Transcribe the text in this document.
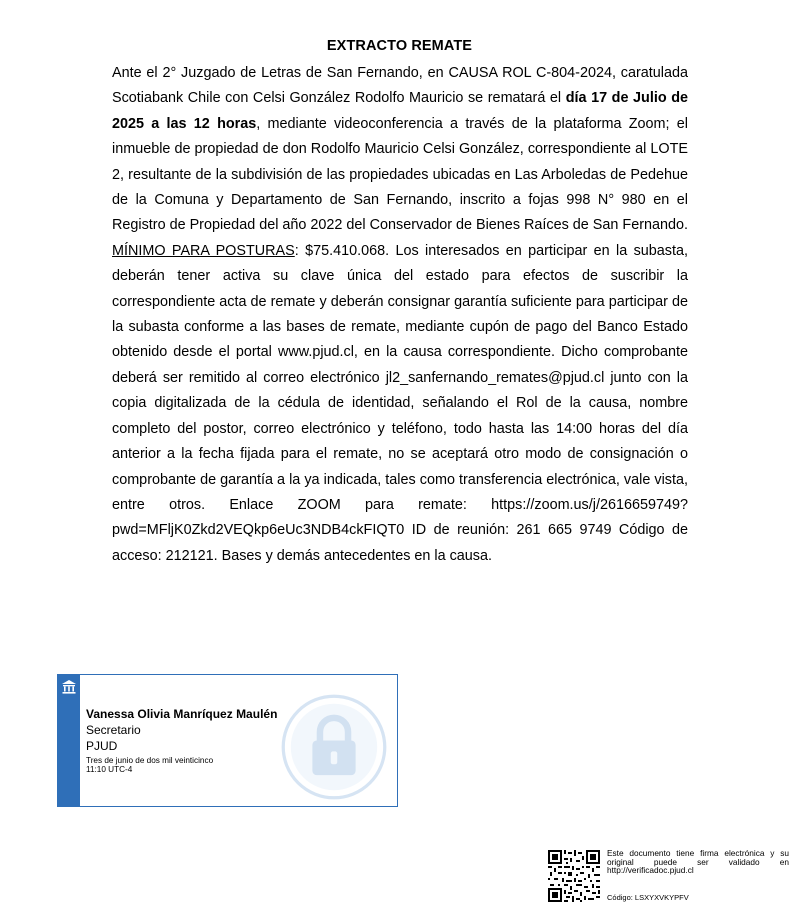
EXTRACTO REMATE
Ante el 2° Juzgado de Letras de San Fernando, en CAUSA ROL C-804-2024, caratulada Scotiabank Chile con Celsi González Rodolfo Mauricio se rematará el día 17 de Julio de 2025 a las 12 horas, mediante videoconferencia a través de la plataforma Zoom; el inmueble de propiedad de don Rodolfo Mauricio Celsi González, correspondiente al LOTE 2, resultante de la subdivisión de las propiedades ubicadas en Las Arboledas de Pedehue de la Comuna y Departamento de San Fernando, inscrito a fojas 998 N° 980 en el Registro de Propiedad del año 2022 del Conservador de Bienes Raíces de San Fernando. MÍNIMO PARA POSTURAS: $75.410.068. Los interesados en participar en la subasta, deberán tener activa su clave única del estado para efectos de suscribir la correspondiente acta de remate y deberán consignar garantía suficiente para participar de la subasta conforme a las bases de remate, mediante cupón de pago del Banco Estado obtenido desde el portal www.pjud.cl, en la causa correspondiente. Dicho comprobante deberá ser remitido al correo electrónico jl2_sanfernando_remates@pjud.cl junto con la copia digitalizada de la cédula de identidad, señalando el Rol de la causa, nombre completo del postor, correo electrónico y teléfono, todo hasta las 14:00 horas del día anterior a la fecha fijada para el remate, no se aceptará otro modo de consignación o comprobante de garantía a la ya indicada, tales como transferencia electrónica, vale vista, entre otros. Enlace ZOOM para remate: https://zoom.us/j/2616659749?pwd=MFljK0Zkd2VEQkp6eUc3NDB4ckFIQT0 ID de reunión: 261 665 9749 Código de acceso: 212121. Bases y demás antecedentes en la causa.
Vanessa Olivia Manríquez Maulén
Secretario
PJUD
Tres de junio de dos mil veinticinco
11:10 UTC-4
Este documento tiene firma electrónica y su original puede ser validado en http://verificadoc.pjud.cl
Código: LSXYXVKYPFV
